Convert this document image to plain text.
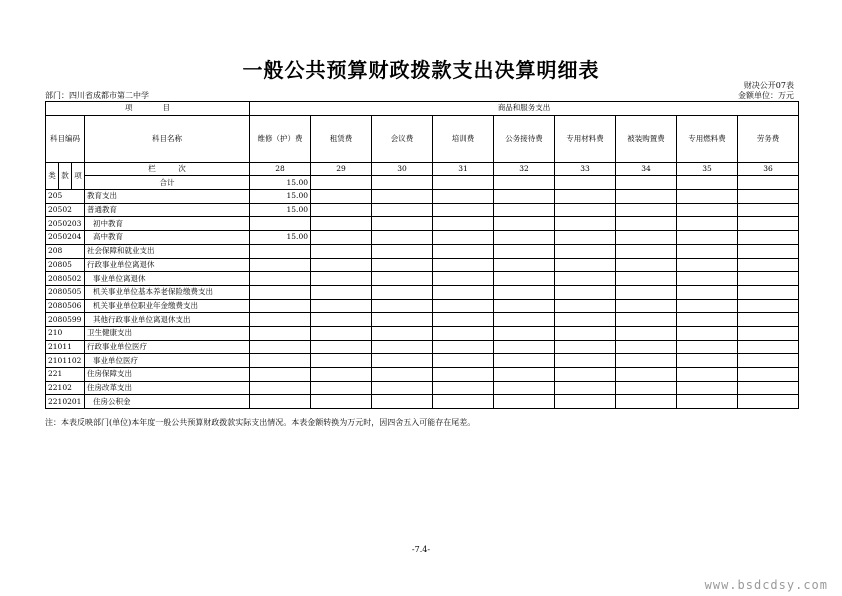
一般公共预算财政拨款支出决算明细表
财决公开07表
部门：四川省成都市第二中学	金额单位：万元
项　　　　目				商品和服务支出								
科目编码			科目名称	维修（护）费	租赁费	会议费	培训费	公务接待费	专用材料费	被装购置费	专用燃料费	劳务费
类	款	项	栏　　　次	28	29	30	31	32	33	34	35	36
			合计	15.00								
205			教育支出	15.00								
20502			普通教育	15.00								
2050203			初中教育									
2050204			高中教育	15.00								
208			社会保障和就业支出									
20805			行政事业单位离退休									
2080502			事业单位离退休									
2080505			机关事业单位基本养老保险缴费支出									
2080506			机关事业单位职业年金缴费支出									
2080599			其他行政事业单位离退休支出									
210			卫生健康支出									
21011			行政事业单位医疗									
2101102			事业单位医疗									
221			住房保障支出									
22102			住房改革支出									
2210201			住房公积金									
注：本表反映部门(单位)本年度一般公共预算财政拨款实际支出情况。本表金额转换为万元时，因四舍五入可能存在尾差。
-7.4-
www.bsdcdsy.com
